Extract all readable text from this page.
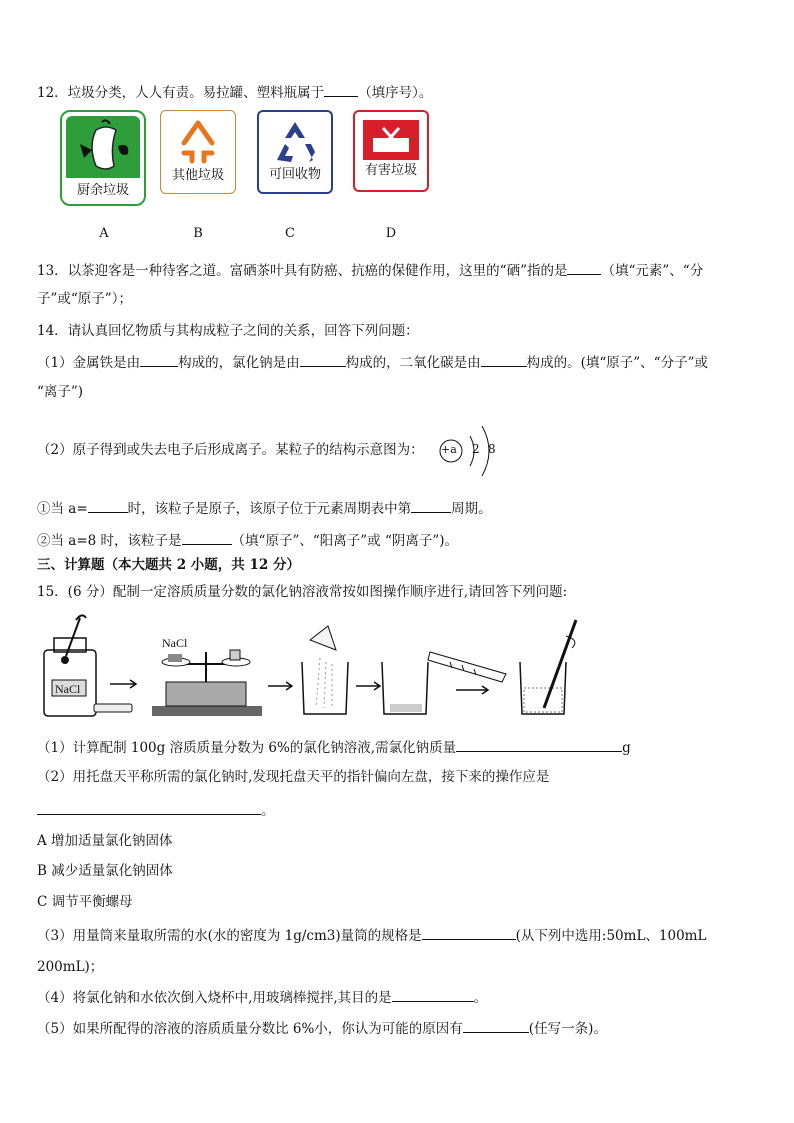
12．垃圾分类，人人有责。易拉罐、塑料瓶属于	（填序号）。
厨余垃圾
其他垃圾	可回收物	有害垃圾
A	B	C	D
13．以茶迎客是一种待客之道。富硒茶叶具有防癌、抗癌的保健作用，这里的“硒”指的是	（填“元素”、“分
子”或“原子”）；
14．请认真回忆物质与其构成粒子之间的关系，回答下列问题：
（1）金属铁是由	构成的，氯化钠是由	构成的，二氧化碳是由	构成的。(填“原子”、“分子”或
“离子”)
（2）原子得到或失去电子后形成离子。某粒子的结构示意图为： +a 2 8
①当 a=	时，该粒子是原子，该原子位于元素周期表中第	周期。
②当 a=8 时，该粒子是	（填“原子”、“阳离子”或 “阴离子”)。
三、计算题（本大题共 2 小题，共 12 分）
15．(6 分）配制一定溶质质量分数的氯化钠溶液常按如图操作顺序进行,请回答下列问题:
NaCl
NaCl
（1）计算配制 100g 溶质质量分数为 6%的氯化钠溶液,需氯化钠质量	g
（2）用托盘天平称所需的氯化钠时,发现托盘天平的指针偏向左盘，接下来的操作应是
。
A 增加适量氯化钠固体
B 减少适量氯化钠固体
C 调节平衡螺母
（3）用量筒来量取所需的水(水的密度为 1g/cm3)量筒的规格是	(从下列中选用:50mL、100mL
200mL)；
（4）将氯化钠和水依次倒入烧杯中,用玻璃棒搅拌,其目的是	。
（5）如果所配得的溶液的溶质质量分数比 6%小，你认为可能的原因有	(任写一条)。
